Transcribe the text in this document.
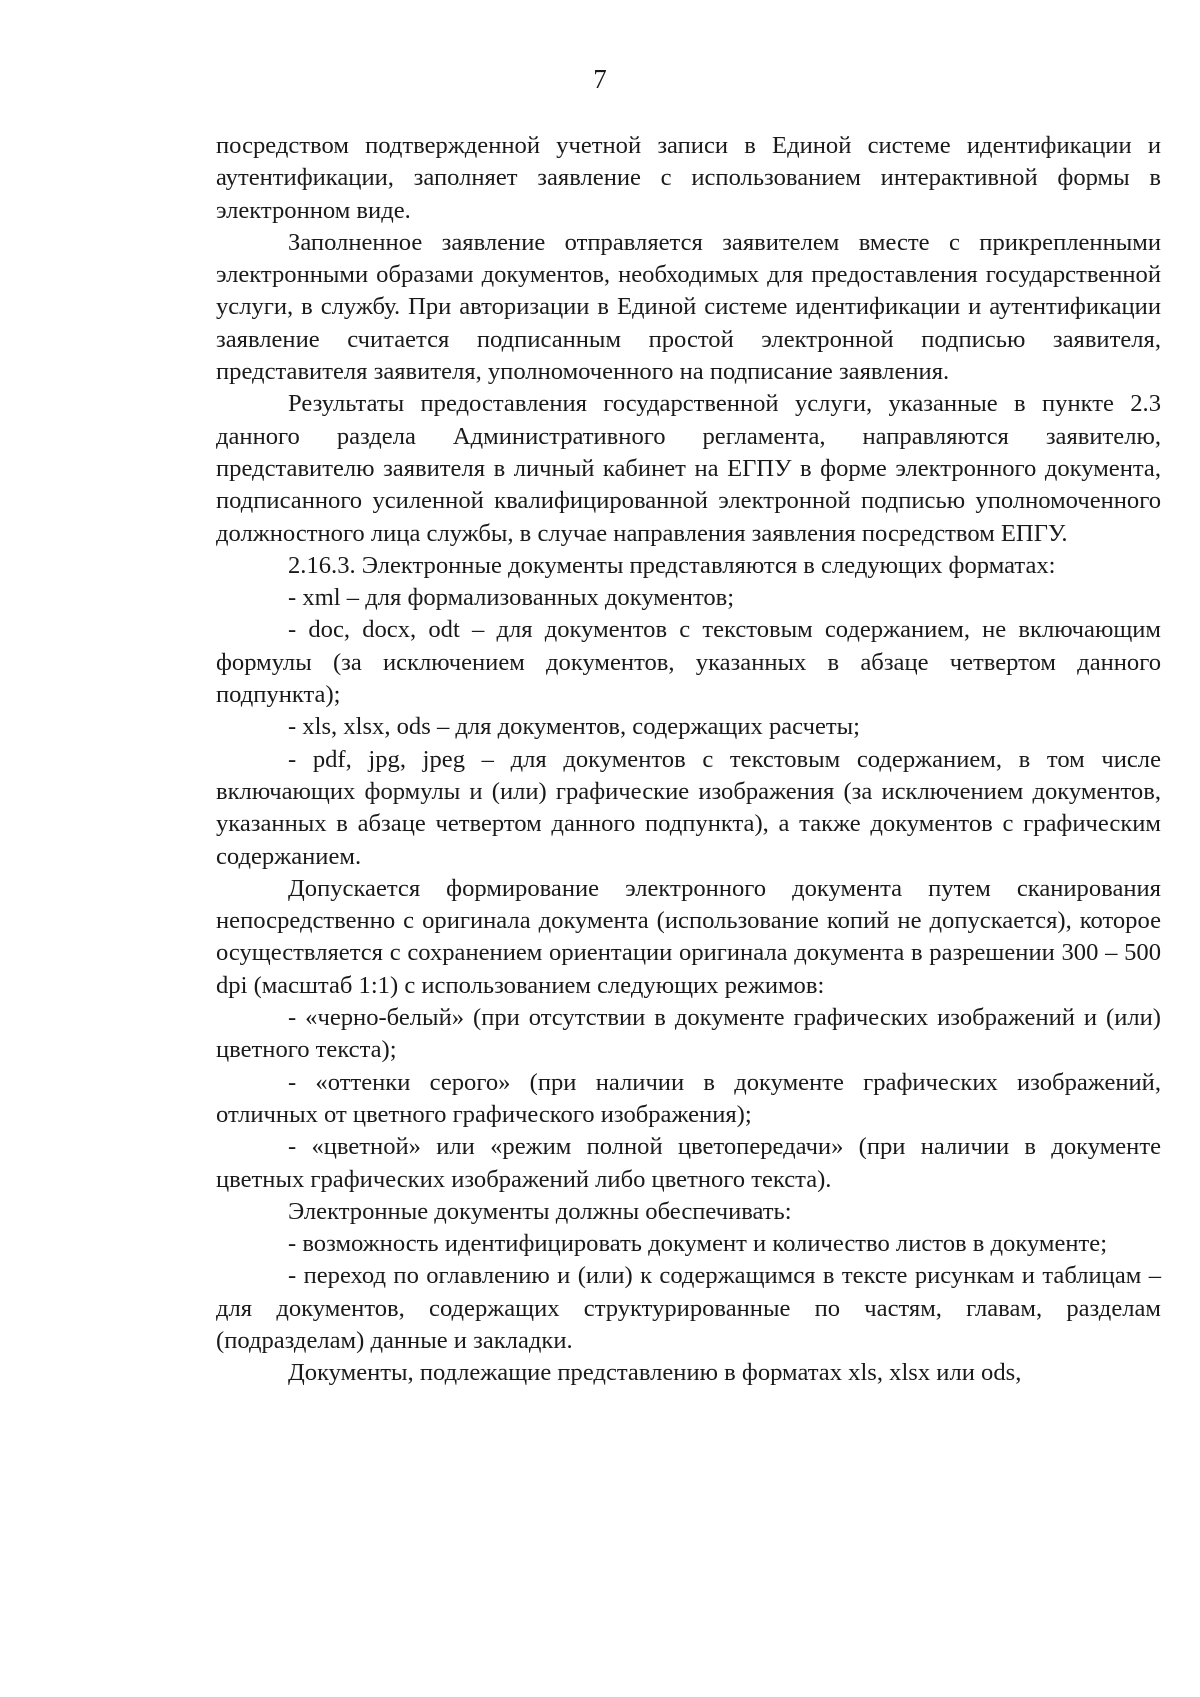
7

посредством подтвержденной учетной записи в Единой системе идентификации и аутентификации, заполняет заявление с использованием интерактивной формы в электронном виде.

Заполненное заявление отправляется заявителем вместе с прикрепленными электронными образами документов, необходимых для предоставления государственной услуги, в службу. При авторизации в Единой системе идентификации и аутентификации заявление считается подписанным простой электронной подписью заявителя, представителя заявителя, уполномоченного на подписание заявления.

Результаты предоставления государственной услуги, указанные в пункте 2.3 данного раздела Административного регламента, направляются заявителю, представителю заявителя в личный кабинет на ЕГПУ в форме электронного документа, подписанного усиленной квалифицированной электронной подписью уполномоченного должностного лица службы, в случае направления заявления посредством ЕПГУ.

2.16.3. Электронные документы представляются в следующих форматах:

- xml – для формализованных документов;

- doc, docx, odt – для документов с текстовым содержанием, не включающим формулы (за исключением документов, указанных в абзаце четвертом данного подпункта);

- xls, xlsx, ods – для документов, содержащих расчеты;

- pdf, jpg, jpeg – для документов с текстовым содержанием, в том числе включающих формулы и (или) графические изображения (за исключением документов, указанных в абзаце четвертом данного подпункта), а также документов с графическим содержанием.

Допускается формирование электронного документа путем сканирования непосредственно с оригинала документа (использование копий не допускается), которое осуществляется с сохранением ориентации оригинала документа в разрешении 300 – 500 dpi (масштаб 1:1) с использованием следующих режимов:

- «черно-белый» (при отсутствии в документе графических изображений и (или) цветного текста);

- «оттенки серого» (при наличии в документе графических изображений, отличных от цветного графического изображения);

- «цветной» или «режим полной цветопередачи» (при наличии в документе цветных графических изображений либо цветного текста).

Электронные документы должны обеспечивать:

- возможность идентифицировать документ и количество листов в документе;

- переход по оглавлению и (или) к содержащимся в тексте рисункам и таблицам – для документов, содержащих структурированные по частям, главам, разделам (подразделам) данные и закладки.

Документы, подлежащие представлению в форматах xls, xlsx или ods,
